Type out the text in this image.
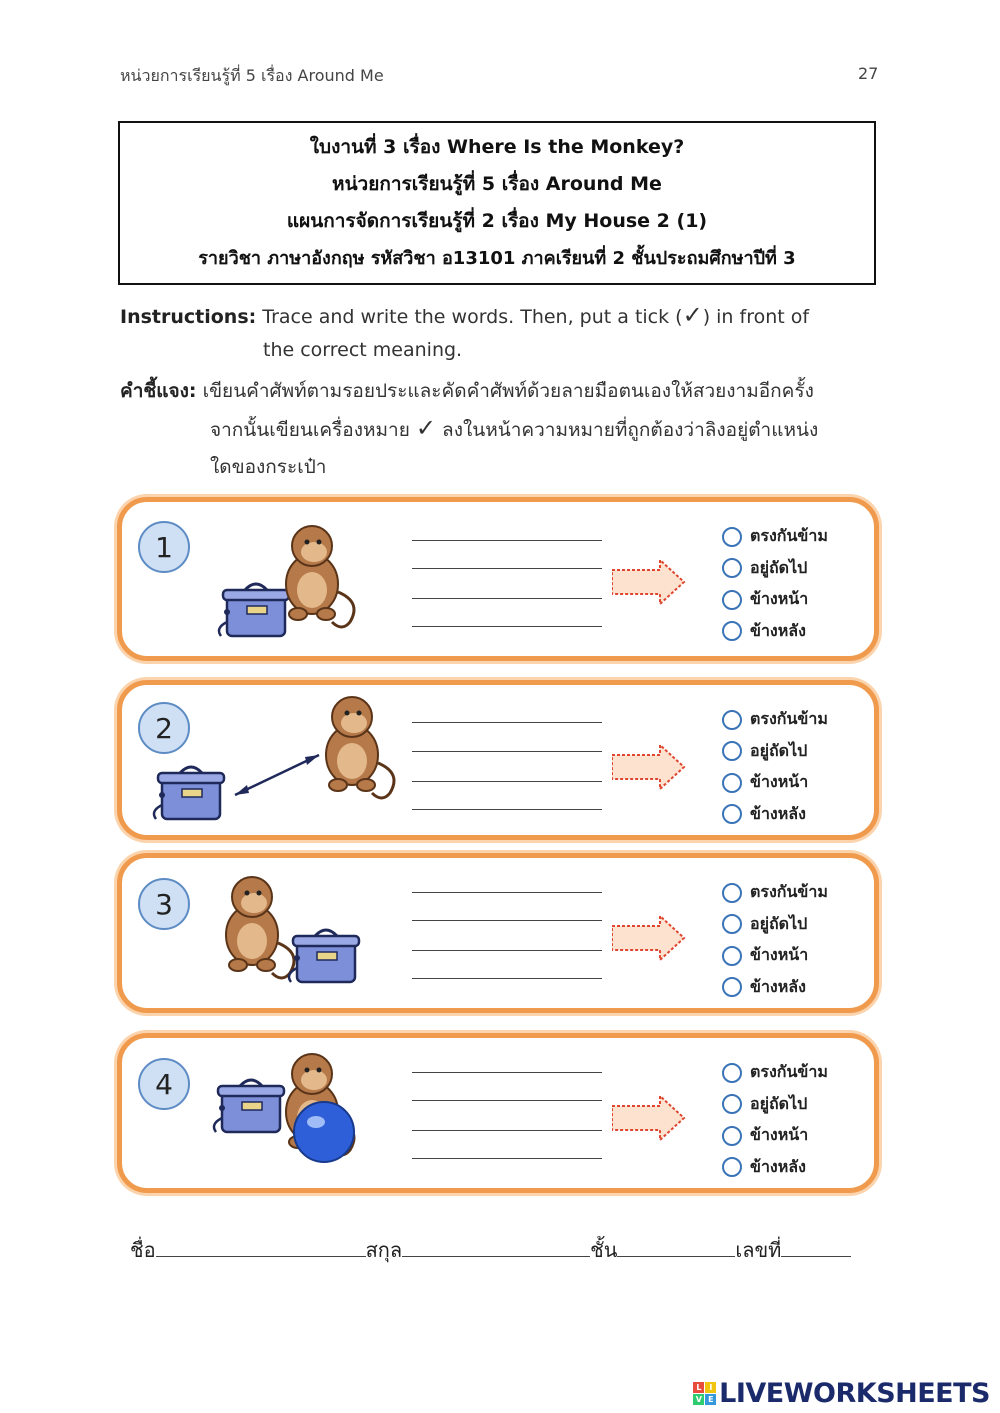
หน่วยการเรียนรู้ที่ 5 เรื่อง Around Me	27
ใบงานที่ 3 เรื่อง Where Is the Monkey?
หน่วยการเรียนรู้ที่ 5 เรื่อง Around Me
แผนการจัดการเรียนรู้ที่ 2 เรื่อง My House 2 (1)
รายวิชา ภาษาอังกฤษ รหัสวิชา อ13101 ภาคเรียนที่ 2 ชั้นประถมศึกษาปีที่ 3
Instructions: Trace and write the words. Then, put a tick (✓) in front of
the correct meaning.
คำชี้แจง: เขียนคำศัพท์ตามรอยประและคัดคำศัพท์ด้วยลายมือตนเองให้สวยงามอีกครั้ง
จากนั้นเขียนเครื่องหมาย ✓ ลงในหน้าความหมายที่ถูกต้องว่าลิงอยู่ตำแหน่ง
ใดของกระเป๋า
1	ตรงกันข้าม
อยู่ถัดไป
ข้างหน้า
ข้างหลัง
2	ตรงกันข้าม
อยู่ถัดไป
ข้างหน้า
ข้างหลัง
3	ตรงกันข้าม
อยู่ถัดไป
ข้างหน้า
ข้างหลัง
4	ตรงกันข้าม
อยู่ถัดไป
ข้างหน้า
ข้างหลัง
ชื่อ	สกุล	ชั้น	เลขที่
L	I
V E LIVEWORKSHEETS
